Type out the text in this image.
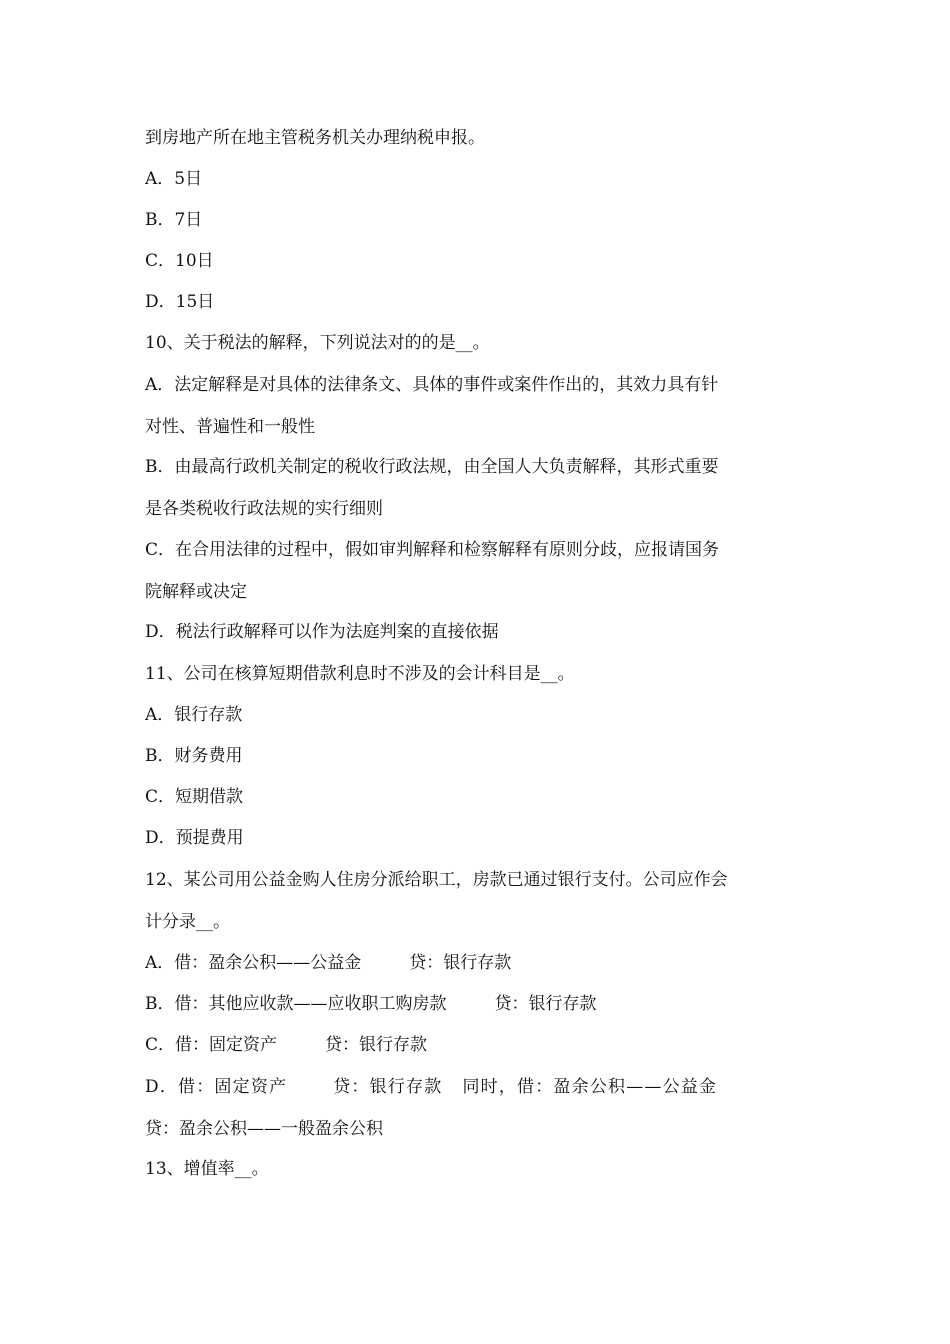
到房地产所在地主管税务机关办理纳税申报。
A．5日
B．7日
C．10日
D．15日
10、关于税法的解释，下列说法对的的是__。
A．法定解释是对具体的法律条文、具体的事件或案件作出的，其效力具有针
对性、普遍性和一般性
B．由最高行政机关制定的税收行政法规，由全国人大负责解释，其形式重要
是各类税收行政法规的实行细则
C．在合用法律的过程中，假如审判解释和检察解释有原则分歧，应报请国务
院解释或决定
D．税法行政解释可以作为法庭判案的直接依据
11、公司在核算短期借款利息时不涉及的会计科目是__。
A．银行存款
B．财务费用
C．短期借款
D．预提费用
12、某公司用公益金购人住房分派给职工，房款已通过银行支付。公司应作会
计分录__。
A．借：盈余公积——公益金	贷：银行存款
B．借：其他应收款——应收职工购房款	贷：银行存款
C．借：固定资产	贷：银行存款
D．借：固定资产	贷：银行存款 同时，借：盈余公积——公益金
贷：盈余公积——一般盈余公积
13、增值率__。
